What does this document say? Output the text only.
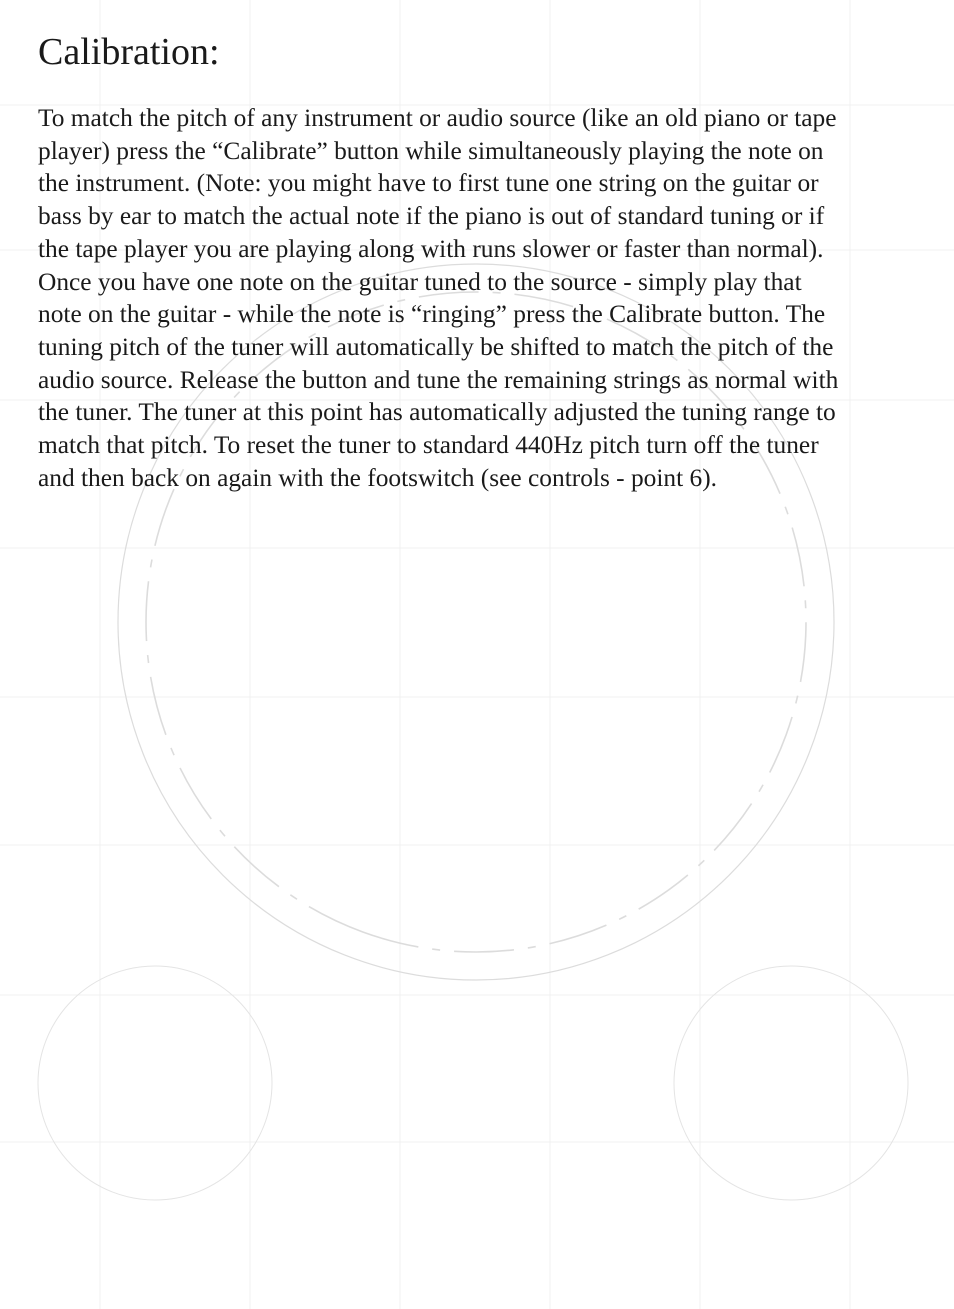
Calibration:

To match the pitch of any instrument or audio source (like an old piano or tape
player) press the “Calibrate” button while simultaneously playing the note on
the instrument. (Note: you might have to first tune one string on the guitar or
bass by ear to match the actual note if the piano is out of standard tuning or if
the tape player you are playing along with runs slower or faster than normal).
Once you have one note on the guitar tuned to the source - simply play that
note on the guitar - while the note is “ringing” press the Calibrate button. The
tuning pitch of the tuner will automatically be shifted to match the pitch of the
audio source. Release the button and tune the remaining strings as normal with
the tuner. The tuner at this point has automatically adjusted the tuning range to
match that pitch. To reset the tuner to standard 440Hz pitch turn off the tuner
and then back on again with the footswitch (see controls - point 6).
